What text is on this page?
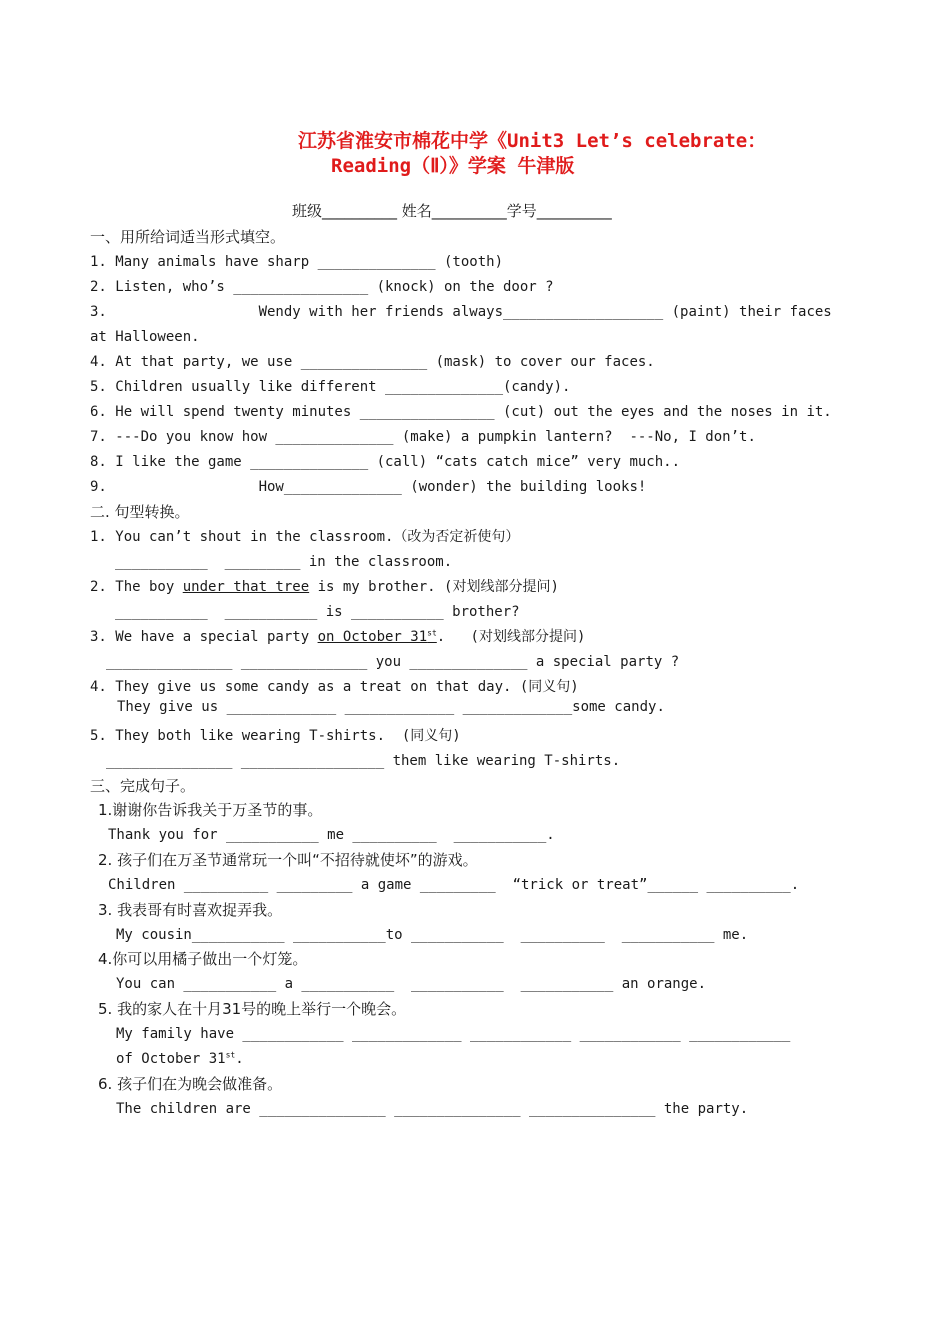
江苏省淮安市棉花中学《Unit3 Let’s celebrate：
Reading（Ⅱ）》学案 牛津版
班级__________ 姓名__________学号__________
一、用所给词适当形式填空。
1. Many animals have sharp ______________ (tooth)
2. Listen, who’s ________________ (knock) on the door ?
3.                  Wendy with her friends always___________________ (paint) their faces
at Halloween.
4. At that party, we use _______________ (mask) to cover our faces.
5. Children usually like different ______________(candy).
6. He will spend twenty minutes ________________ (cut) out the eyes and the noses in it.
7. ---Do you know how ______________ (make) a pumpkin lantern?  ---No, I don’t.
8. I like the game ______________ (call) “cats catch mice” very much..
9.                  How______________ (wonder) the building looks!
二. 句型转换。
1. You can’t shout in the classroom.（改为否定祈使句）
___________  _________ in the classroom.
2. The boy under that tree is my brother. (对划线部分提问)
___________  ___________ is ___________ brother?
3. We have a special party on October 31st.   (对划线部分提问)
_______________ _______________ you ______________ a special party ?
4. They give us some candy as a treat on that day. (同义句)
They give us _____________ _____________ _____________some candy.
5. They both like wearing T-shirts.  (同义句)
_______________ _________________ them like wearing T-shirts.
三、完成句子。
1.谢谢你告诉我关于万圣节的事。
Thank you for ___________ me __________  ___________.
2. 孩子们在万圣节通常玩一个叫“不招待就使坏”的游戏。
Children __________ _________ a game _________  “trick or treat”______ __________.
3. 我表哥有时喜欢捉弄我。
My cousin___________ ___________to ___________  __________  ___________ me.
4.你可以用橘子做出一个灯笼。
You can ___________ a ___________  ___________  ___________ an orange.
5. 我的家人在十月31号的晚上举行一个晚会。
My family have ____________ _____________ ____________ ____________ ____________
of October 31st.
6. 孩子们在为晚会做准备。
The children are _______________ _______________ _______________ the party.
